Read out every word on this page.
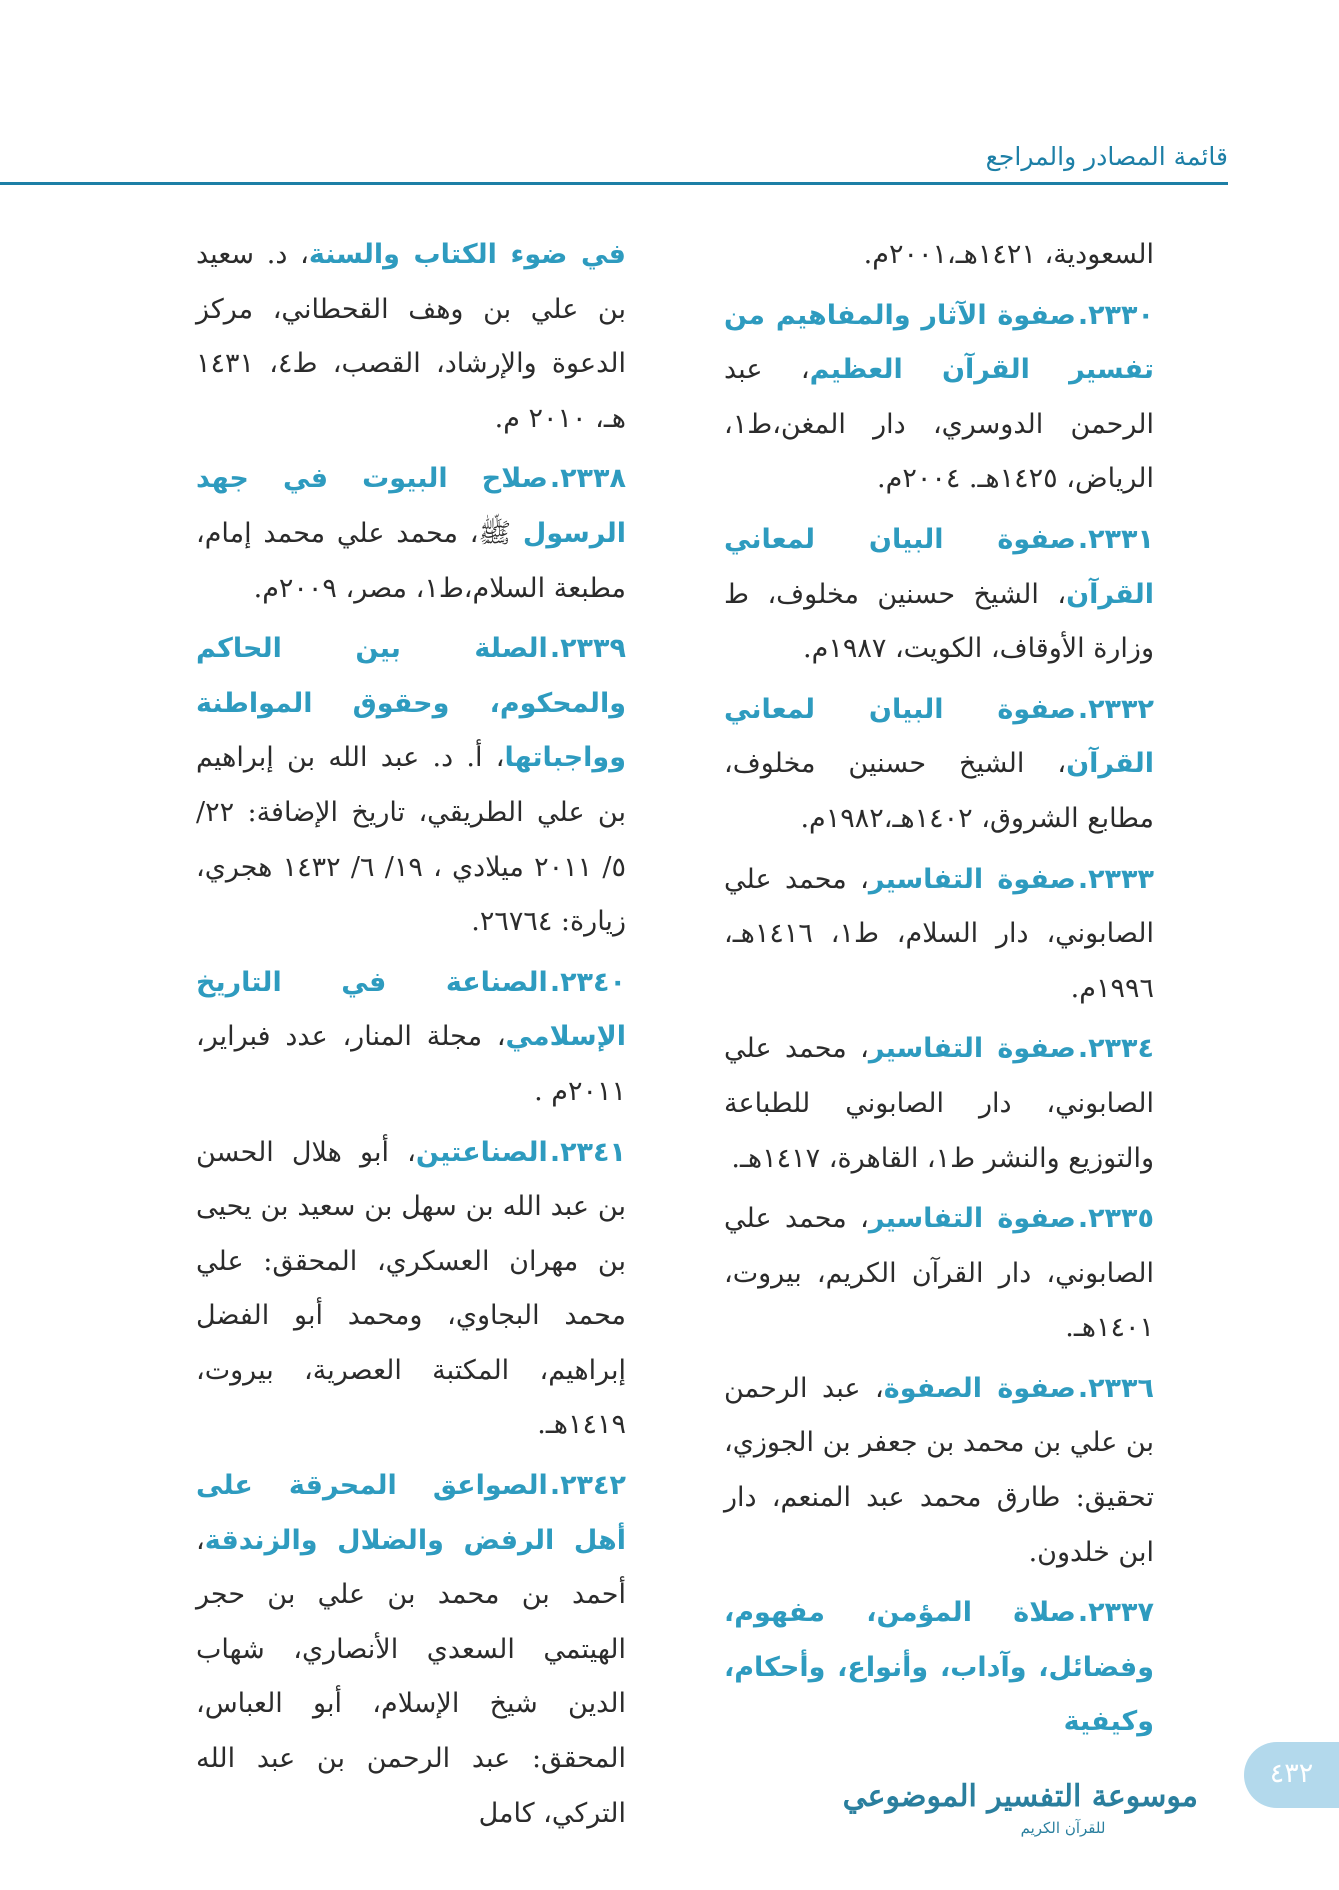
قائمة المصادر والمراجع

السعودية، ١٤٢١هـ،٢٠٠١م.

٢٣٣٠.صفوة الآثار والمفاهيم من تفسير القرآن العظيم، عبد الرحمن الدوسري، دار المغن،ط١، الرياض، ١٤٢٥هـ. ٢٠٠٤م.

٢٣٣١.صفوة البيان لمعاني القرآن، الشيخ حسنين مخلوف، ط وزارة الأوقاف، الكويت، ١٩٨٧م.

٢٣٣٢.صفوة البيان لمعاني القرآن، الشيخ حسنين مخلوف، مطابع الشروق، ١٤٠٢هـ،١٩٨٢م.

٢٣٣٣.صفوة التفاسير، محمد علي الصابوني، دار السلام، ط١، ١٤١٦هـ، ١٩٩٦م.

٢٣٣٤.صفوة التفاسير، محمد علي الصابوني، دار الصابوني للطباعة والتوزيع والنشر ط١، القاهرة، ١٤١٧هـ.

٢٣٣٥.صفوة التفاسير، محمد علي الصابوني، دار القرآن الكريم، بيروت، ١٤٠١هـ.

٢٣٣٦.صفوة الصفوة، عبد الرحمن بن علي بن محمد بن جعفر بن الجوزي، تحقيق: طارق محمد عبد المنعم، دار ابن خلدون.

٢٣٣٧.صلاة المؤمن، مفهوم، وفضائل، وآداب، وأنواع، وأحكام، وكيفية

في ضوء الكتاب والسنة، د. سعيد بن علي بن وهف القحطاني، مركز الدعوة والإرشاد، القصب، ط٤، ١٤٣١ هـ، ٢٠١٠ م.

٢٣٣٨.صلاح البيوت في جهد الرسول ﷺ، محمد علي محمد إمام، مطبعة السلام،ط١، مصر، ٢٠٠٩م.

٢٣٣٩.الصلة بين الحاكم والمحكوم، وحقوق المواطنة وواجباتها، أ. د. عبد الله بن إبراهيم بن علي الطريقي، تاريخ الإضافة: ٢٢/ ٥/ ٢٠١١ ميلادي ، ١٩/ ٦/ ١٤٣٢ هجري، زيارة: ٢٦٧٦٤.

٢٣٤٠.الصناعة في التاريخ الإسلامي، مجلة المنار، عدد فبراير، ٢٠١١م .

٢٣٤١.الصناعتين، أبو هلال الحسن بن عبد الله بن سهل بن سعيد بن يحيى بن مهران العسكري، المحقق: علي محمد البجاوي، ومحمد أبو الفضل إبراهيم، المكتبة العصرية، بيروت، ١٤١٩هـ.

٢٣٤٢.الصواعق المحرقة على أهل الرفض والضلال والزندقة، أحمد بن محمد بن علي بن حجر الهيتمي السعدي الأنصاري، شهاب الدين شيخ الإسلام، أبو العباس، المحقق: عبد الرحمن بن عبد الله التركي، كامل	موسوعة التفسير الموضوعي
للقرآن الكريم
٤٣٢
